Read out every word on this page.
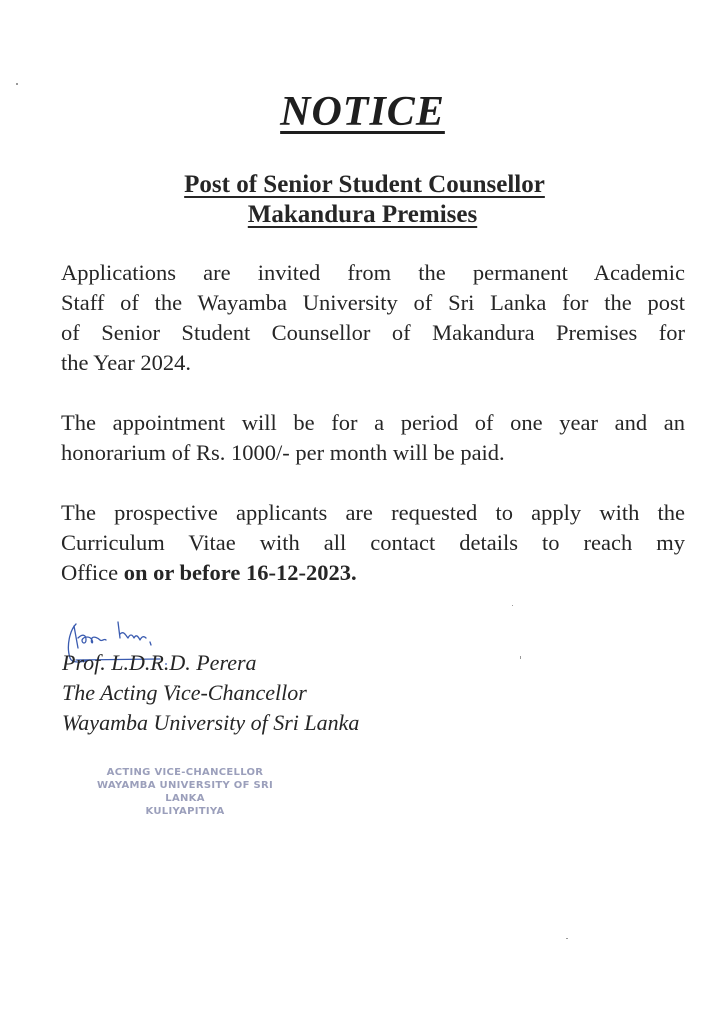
NOTICE
Post of Senior Student Counsellor
Makandura Premises
Applications are invited from the permanent Academic
Staff of the Wayamba University of Sri Lanka for the post
of Senior Student Counsellor of Makandura Premises for
the Year 2024.
The appointment will be for a period of one year and an
honorarium of Rs. 1000/- per month will be paid.
The prospective applicants are requested to apply with the
Curriculum Vitae with all contact details to reach my
Office on or before 16-12-2023.
Prof. L.D.R.D. Perera
The Acting Vice-Chancellor
Wayamba University of Sri Lanka
ACTING VICE-CHANCELLOR
WAYAMBA UNIVERSITY OF SRI LANKA
KULIYAPITIYA
